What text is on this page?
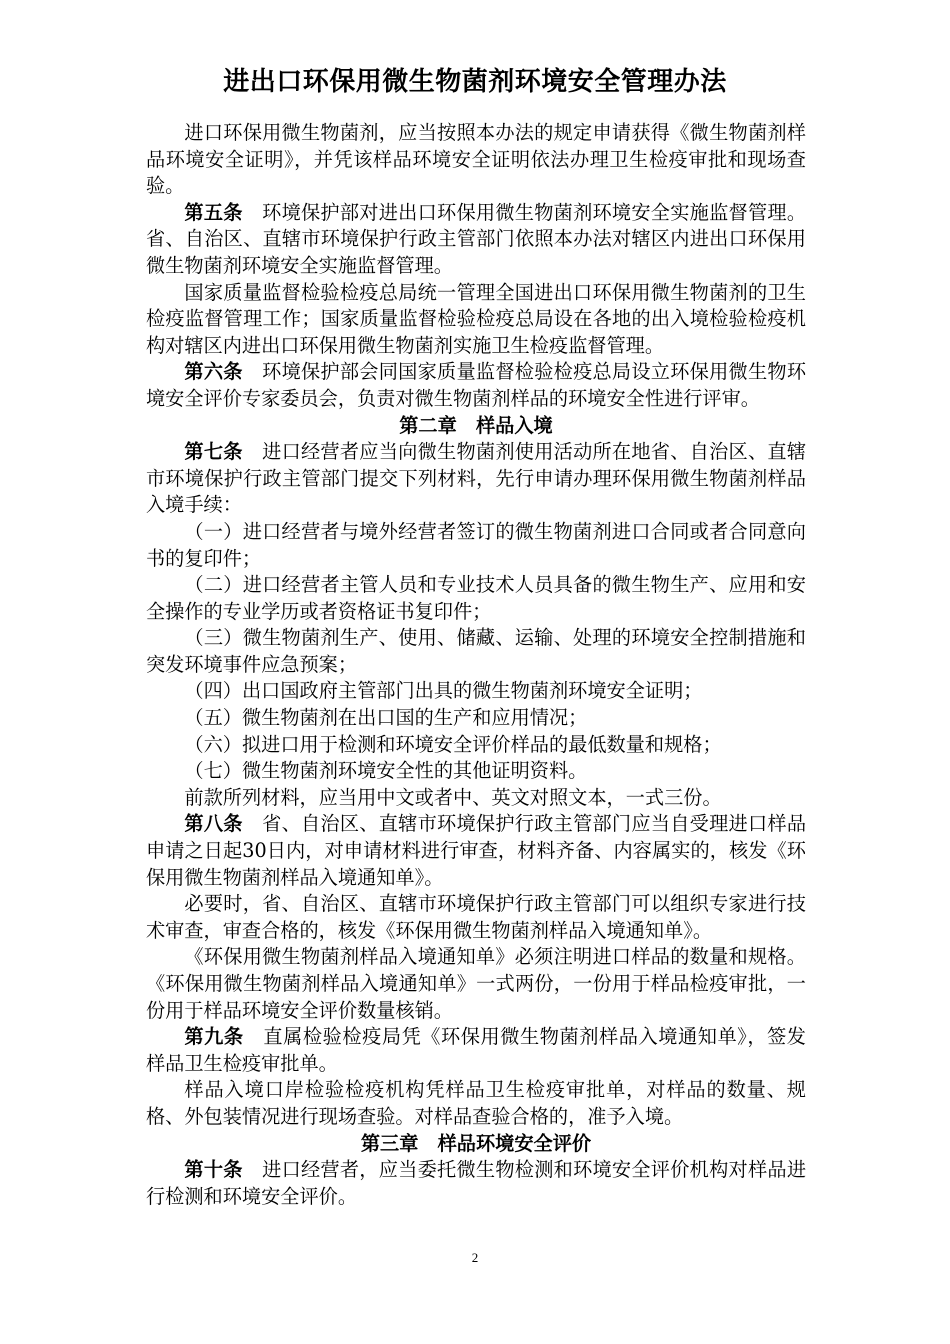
进出口环保用微生物菌剂环境安全管理办法

进口环保用微生物菌剂，应当按照本办法的规定申请获得《微生物菌剂样品环境安全证明》，并凭该样品环境安全证明依法办理卫生检疫审批和现场查验。

第五条 环境保护部对进出口环保用微生物菌剂环境安全实施监督管理。省、自治区、直辖市环境保护行政主管部门依照本办法对辖区内进出口环保用微生物菌剂环境安全实施监督管理。

国家质量监督检验检疫总局统一管理全国进出口环保用微生物菌剂的卫生检疫监督管理工作；国家质量监督检验检疫总局设在各地的出入境检验检疫机构对辖区内进出口环保用微生物菌剂实施卫生检疫监督管理。

第六条 环境保护部会同国家质量监督检验检疫总局设立环保用微生物环境安全评价专家委员会，负责对微生物菌剂样品的环境安全性进行评审。

第二章 样品入境

第七条 进口经营者应当向微生物菌剂使用活动所在地省、自治区、直辖市环境保护行政主管部门提交下列材料，先行申请办理环保用微生物菌剂样品入境手续：

（一）进口经营者与境外经营者签订的微生物菌剂进口合同或者合同意向书的复印件；

（二）进口经营者主管人员和专业技术人员具备的微生物生产、应用和安全操作的专业学历或者资格证书复印件；

（三）微生物菌剂生产、使用、储藏、运输、处理的环境安全控制措施和突发环境事件应急预案；

（四）出口国政府主管部门出具的微生物菌剂环境安全证明；

（五）微生物菌剂在出口国的生产和应用情况；

（六）拟进口用于检测和环境安全评价样品的最低数量和规格；

（七）微生物菌剂环境安全性的其他证明资料。

前款所列材料，应当用中文或者中、英文对照文本，一式三份。

第八条 省、自治区、直辖市环境保护行政主管部门应当自受理进口样品申请之日起30日内，对申请材料进行审查，材料齐备、内容属实的，核发《环保用微生物菌剂样品入境通知单》。

必要时，省、自治区、直辖市环境保护行政主管部门可以组织专家进行技术审查，审查合格的，核发《环保用微生物菌剂样品入境通知单》。

《环保用微生物菌剂样品入境通知单》必须注明进口样品的数量和规格。《环保用微生物菌剂样品入境通知单》一式两份，一份用于样品检疫审批，一份用于样品环境安全评价数量核销。

第九条 直属检验检疫局凭《环保用微生物菌剂样品入境通知单》，签发样品卫生检疫审批单。

样品入境口岸检验检疫机构凭样品卫生检疫审批单，对样品的数量、规格、外包装情况进行现场查验。对样品查验合格的，准予入境。

第三章 样品环境安全评价

第十条 进口经营者，应当委托微生物检测和环境安全评价机构对样品进行检测和环境安全评价。

2
